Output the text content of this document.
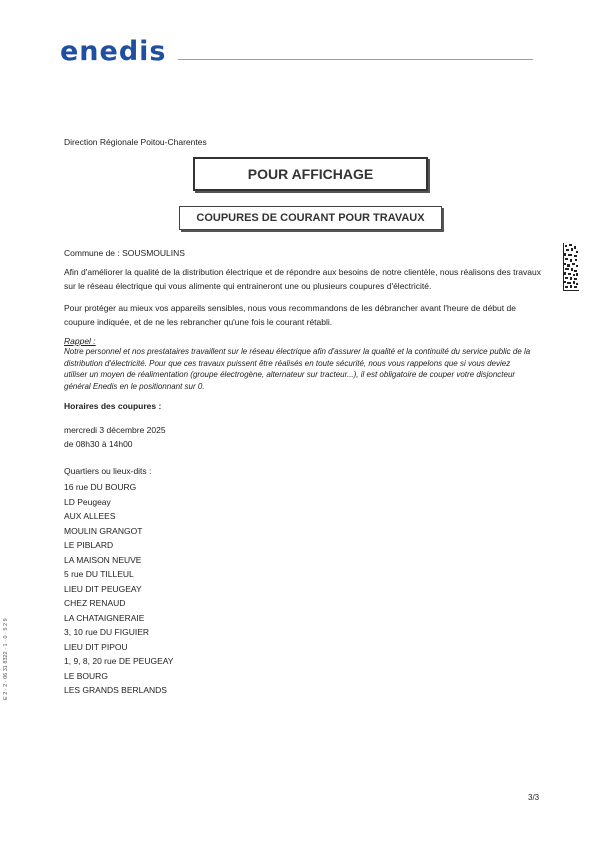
enedis
Direction Régionale Poitou-Charentes
POUR AFFICHAGE
COUPURES DE COURANT POUR TRAVAUX
Commune de : SOUSMOULINS
Afin d'améliorer la qualité de la distribution électrique et de répondre aux besoins de notre clientèle, nous réalisons des travaux sur le réseau électrique qui vous alimente qui entraineront une ou plusieurs coupures d'électricité.
Pour protéger au mieux vos appareils sensibles, nous vous recommandons de les débrancher avant l'heure de début de coupure indiquée, et de ne les rebrancher qu'une fois le courant rétabli.
Rappel :
Notre personnel et nos prestataires travaillent sur le réseau électrique afin d'assurer la qualité et la continuité du service public de la distribution d'électricité. Pour que ces travaux puissent être réalisés en toute sécurité, nous vous rappelons que si vous deviez utiliser un moyen de réalimentation (groupe électrogène, alternateur sur tracteur...), il est obligatoire de couper votre disjoncteur général Enedis en le positionnant sur 0.
Horaires des coupures :
mercredi 3 décembre 2025
de 08h30 à 14h00
Quartiers ou lieux-dits :
16 rue DU BOURG
LD Peugeay
AUX ALLEES
MOULIN GRANGOT
LE PIBLARD
LA MAISON NEUVE
5 rue DU TILLEUL
LIEU DIT PEUGEAY
CHEZ RENAUD
LA CHATAIGNERAIE
3, 10 rue DU FIGUIER
LIEU DIT PIPOU
1, 9, 8, 20 rue DE PEUGEAY
LE BOURG
LES GRANDS BERLANDS
E 2 · 2 · 06 31 8322 · 1 · 0 · 5 2 9
3/3
